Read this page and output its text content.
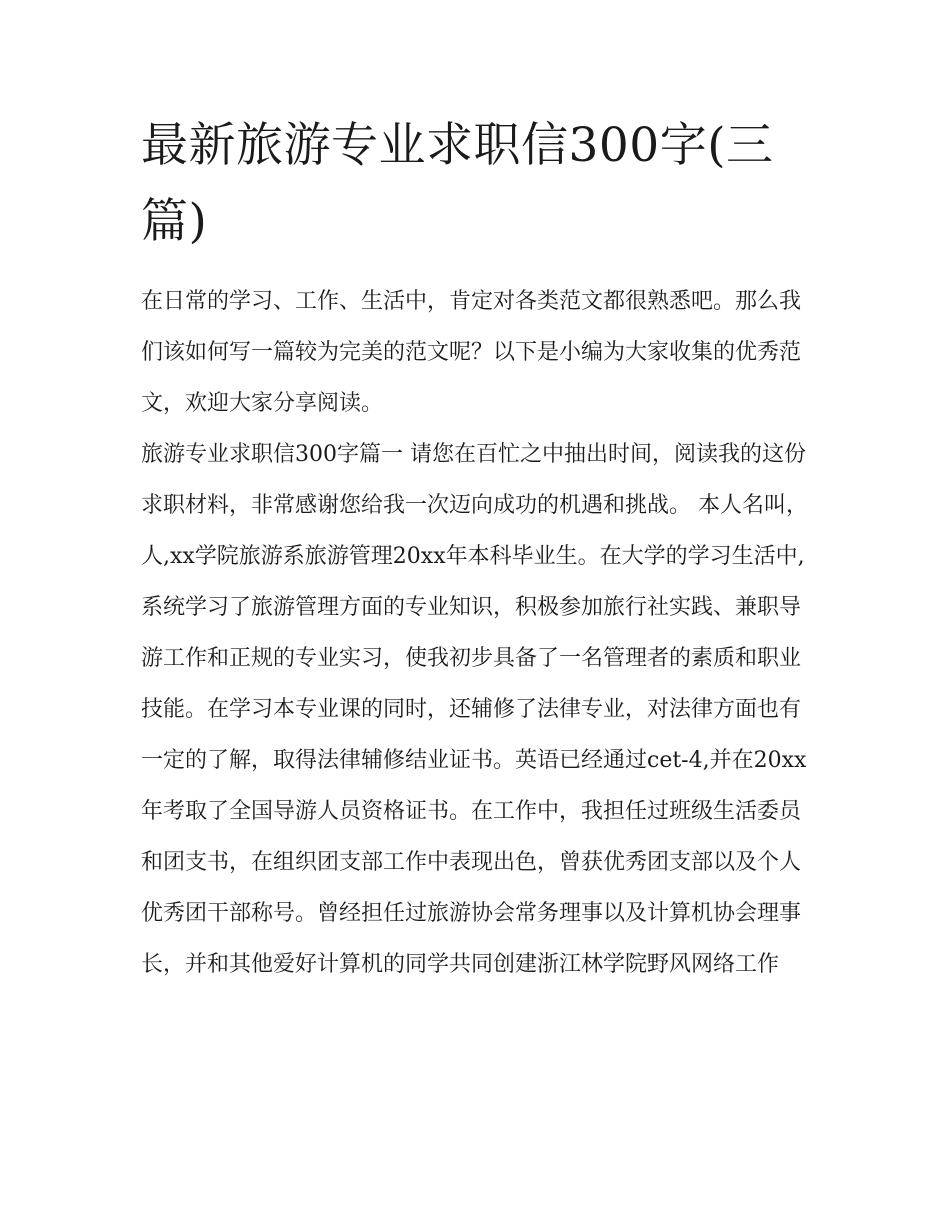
最新旅游专业求职信300字(三篇)

在日常的学习、工作、生活中，肯定对各类范文都很熟悉吧。那么我们该如何写一篇较为完美的范文呢？以下是小编为大家收集的优秀范文，欢迎大家分享阅读。

旅游专业求职信300字篇一 请您在百忙之中抽出时间，阅读我的这份求职材料，非常感谢您给我一次迈向成功的机遇和挑战。 本人名叫，

人,xx学院旅游系旅游管理20xx年本科毕业生。在大学的学习生活中,系统学习了旅游管理方面的专业知识，积极参加旅行社实践、兼职导游工作和正规的专业实习，使我初步具备了一名管理者的素质和职业技能。在学习本专业课的同时，还辅修了法律专业，对法律方面也有一定的了解，取得法律辅修结业证书。英语已经通过cet-4,并在20xx年考取了全国导游人员资格证书。在工作中，我担任过班级生活委员和团支书，在组织团支部工作中表现出色，曾获优秀团支部以及个人优秀团干部称号。曾经担任过旅游协会常务理事以及计算机协会理事长，并和其他爱好计算机的同学共同创建浙江林学院野风网络工作
